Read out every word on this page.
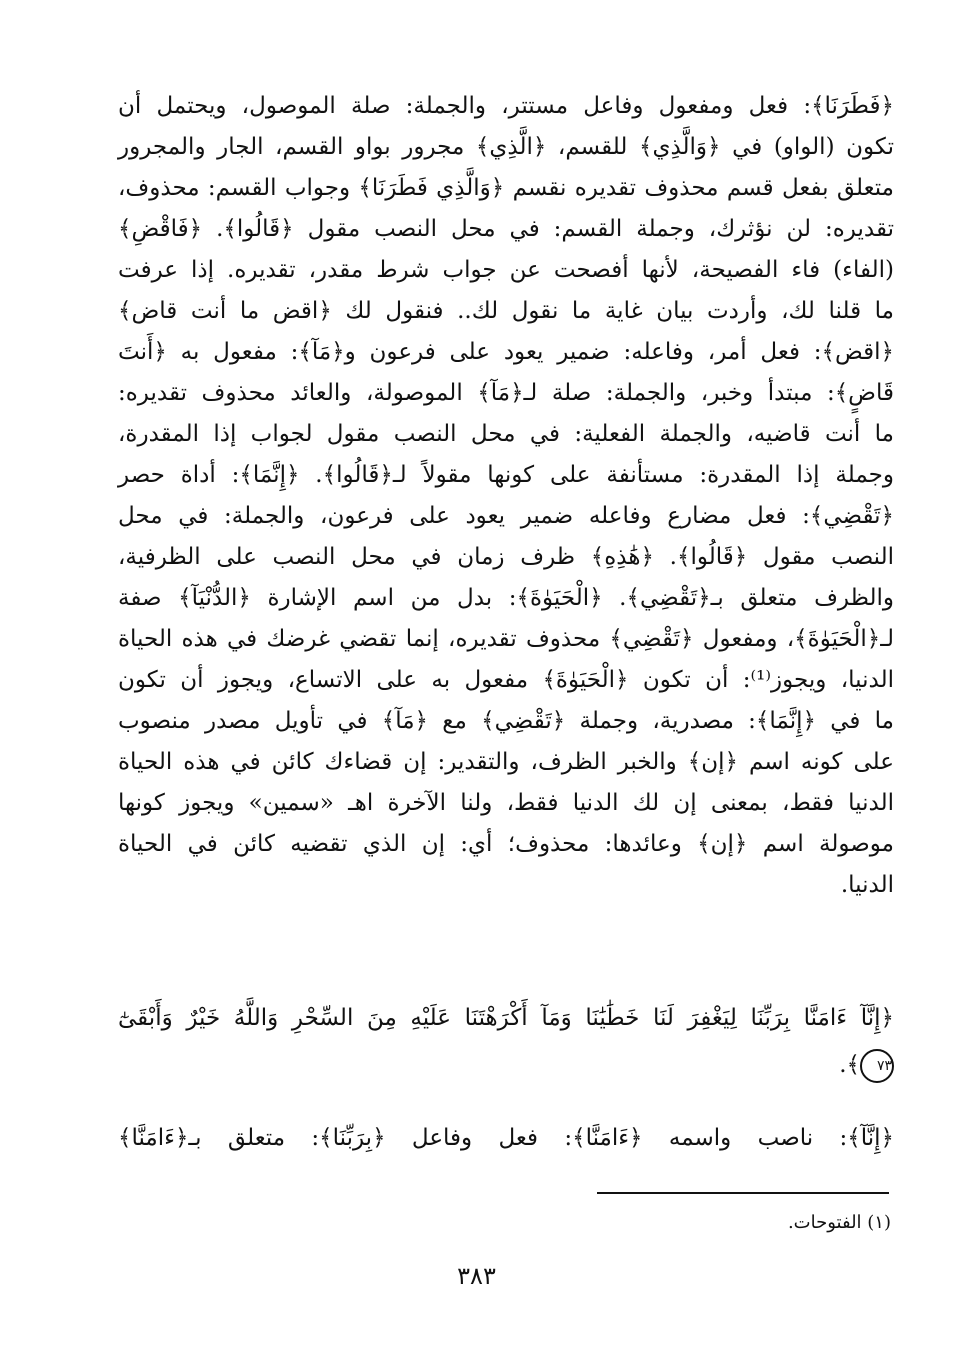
﴿فَطَرَنَا﴾: فعل ومفعول وفاعل مستتر، والجملة: صلة الموصول، ويحتمل أن
تكون (الواو) في ﴿وَالَّذِي﴾ للقسم، ﴿الَّذِي﴾ مجرور بواو القسم، الجار والمجرور
متعلق بفعل قسم محذوف تقديره نقسم ﴿وَالَّذِي فَطَرَنَا﴾ وجواب القسم: محذوف،
تقديره: لن نؤثرك، وجملة القسم: في محل النصب مقول ﴿قَالُوا﴾. ﴿فَاقْضِ﴾
(الفاء) فاء الفصيحة، لأنها أفصحت عن جواب شرط مقدر، تقديره. إذا عرفت
ما قلنا لك، وأردت بيان غاية ما نقول لك.. فنقول لك ﴿اقض ما أنت قاض﴾
﴿اقض﴾: فعل أمر، وفاعله: ضمير يعود على فرعون و﴿مَآ﴾: مفعول به ﴿أَنتَ
قَاضٍ﴾: مبتدأ وخبر، والجملة: صلة لـ﴿مَآ﴾ الموصولة، والعائد محذوف تقديره:
ما أنت قاضيه، والجملة الفعلية: في محل النصب مقول لجواب إذا المقدرة،
وجملة إذا المقدرة: مستأنفة على كونها مقولاً لـ﴿قَالُوا﴾. ﴿إِنَّمَا﴾: أداة حصر
﴿تَقْضِي﴾: فعل مضارع وفاعله ضمير يعود على فرعون، والجملة: في محل
النصب مقول ﴿قَالُوا﴾. ﴿هَٰذِهِ﴾ ظرف زمان في محل النصب على الظرفية،
والظرف متعلق بـ﴿تَقْضِي﴾. ﴿الْحَيَوٰةَ﴾: بدل من اسم الإشارة ﴿الدُّنْيَآ﴾ صفة
لـ﴿الْحَيَوٰةَ﴾، ومفعول ﴿تَقْضِي﴾ محذوف تقديره، إنما تقضي غرضك في هذه الحياة
الدنيا، ويجوز⁽¹⁾: أن تكون ﴿الْحَيَوٰةَ﴾ مفعول به على الاتساع، ويجوز أن تكون
ما في ﴿إِنَّمَا﴾: مصدرية، وجملة ﴿تَقْضِي﴾ مع ﴿مَآ﴾ في تأويل مصدر منصوب
على كونه اسم ﴿إن﴾ والخبر الظرف، والتقدير: إن قضاءك كائن في هذه الحياة
الدنيا فقط، بمعنى إن لك الدنيا فقط، ولنا الآخرة اهـ «سمين» ويجوز كونها
موصولة اسم ﴿إن﴾ وعائدها: محذوف؛ أي: إن الذي تقضيه كائن في الحياة
الدنيا.
﴿إِنَّآ ءَامَنَّا بِرَبِّنَا لِيَغْفِرَ لَنَا خَطَٰيَٰنَا وَمَآ أَكْرَهْتَنَا عَلَيْهِ مِنَ السِّحْرِ وَاللَّهُ خَيْرٌ وَأَبْقَىٰٓ
٧٣﴾.
﴿إِنَّآ﴾: ناصب واسمه ﴿ءَامَنَّا﴾: فعل وفاعل ﴿بِرَبِّنَا﴾: متعلق بـ﴿ءَامَنَّا﴾
(١) الفتوحات.
٣٨٣
